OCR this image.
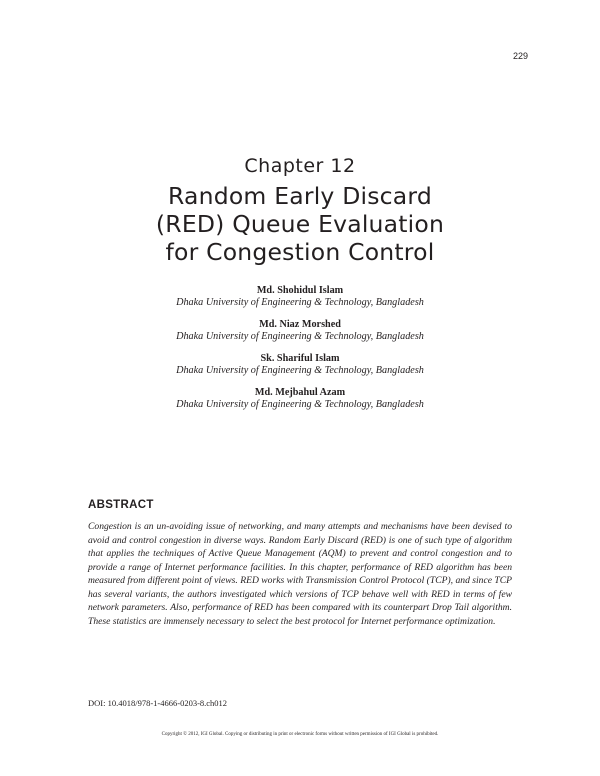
229
Chapter 12
Random Early Discard
(RED) Queue Evaluation
for Congestion Control
Md. Shohidul Islam
Dhaka University of Engineering & Technology, Bangladesh
Md. Niaz Morshed
Dhaka University of Engineering & Technology, Bangladesh
Sk. Shariful Islam
Dhaka University of Engineering & Technology, Bangladesh
Md. Mejbahul Azam
Dhaka University of Engineering & Technology, Bangladesh
ABSTRACT

Congestion is an un-avoiding issue of networking, and many attempts and mechanisms have been devised to avoid and control congestion in diverse ways. Random Early Discard (RED) is one of such type of algorithm that applies the techniques of Active Queue Management (AQM) to prevent and control congestion and to provide a range of Internet performance facilities. In this chapter, performance of RED algorithm has been measured from different point of views. RED works with Transmission Control Protocol (TCP), and since TCP has several variants, the authors investigated which versions of TCP behave well with RED in terms of few network parameters. Also, performance of RED has been compared with its counterpart Drop Tail algorithm. These statistics are immensely necessary to select the best protocol for Internet performance optimization.

DOI: 10.4018/978-1-4666-0203-8.ch012
Copyright © 2012, IGI Global. Copying or distributing in print or electronic forms without written permission of IGI Global is prohibited.
